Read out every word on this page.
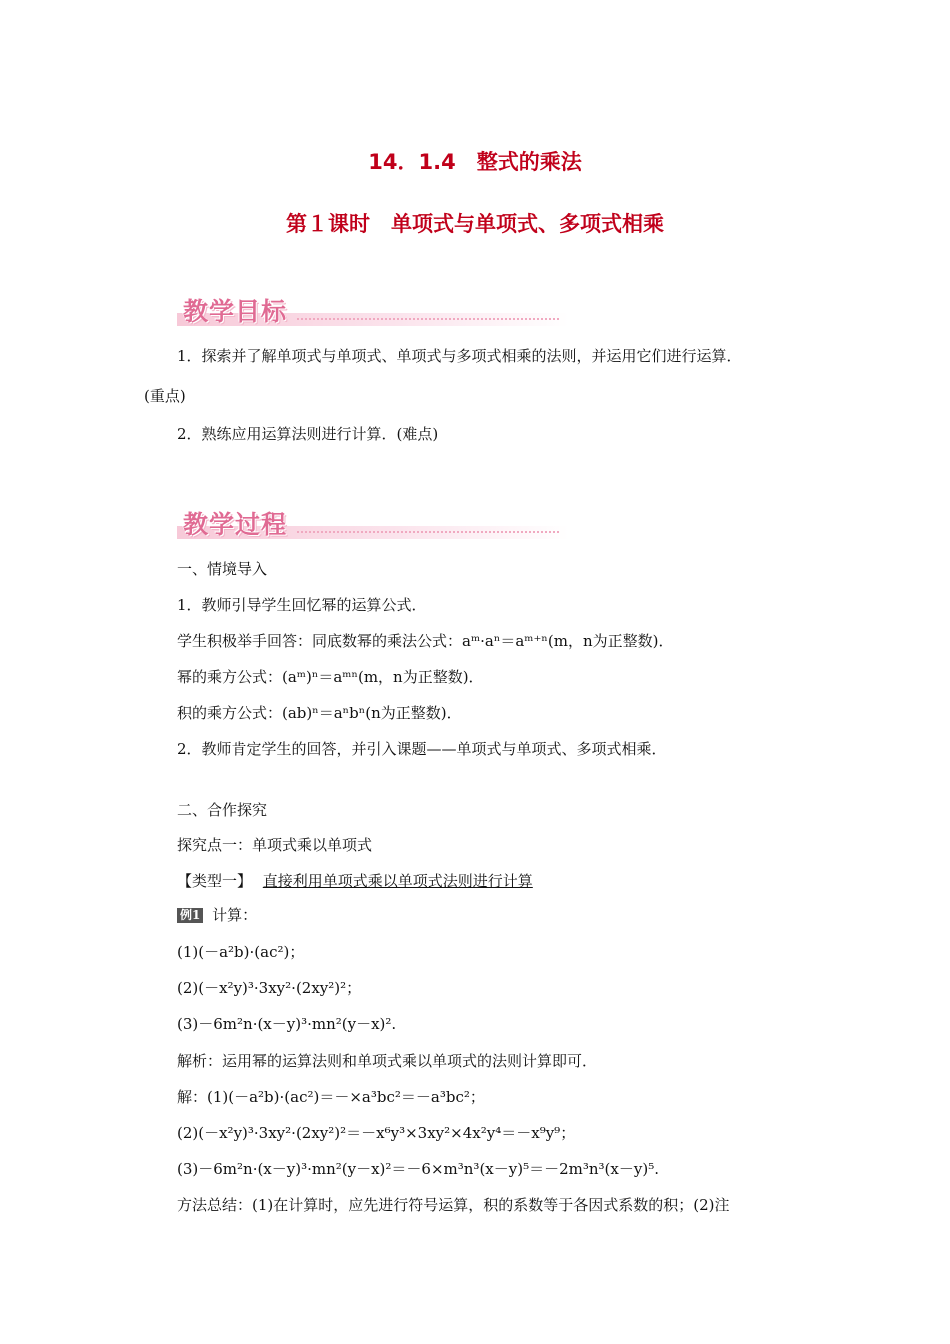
14．1.4　整式的乘法
第１课时　单项式与单项式、多项式相乘
教学目标
1．探索并了解单项式与单项式、单项式与多项式相乘的法则，并运用它们进行运算．
(重点)
2．熟练应用运算法则进行计算．(难点)
教学过程
一、情境导入
1．教师引导学生回忆幂的运算公式．
学生积极举手回答：同底数幂的乘法公式：aᵐ·aⁿ＝aᵐ⁺ⁿ(m，n为正整数)．
幂的乘方公式：(aᵐ)ⁿ＝aᵐⁿ(m，n为正整数)．
积的乘方公式：(ab)ⁿ＝aⁿbⁿ(n为正整数)．
2．教师肯定学生的回答，并引入课题——单项式与单项式、多项式相乘．
二、合作探究
探究点一：单项式乘以单项式
【类型一】 直接利用单项式乘以单项式法则进行计算
例1 计算：
(1)(－a²b)·(ac²)；
(2)(－x²y)³·3xy²·(2xy²)²；
(3)－6m²n·(x－y)³·mn²(y－x)².
解析：运用幂的运算法则和单项式乘以单项式的法则计算即可．
解：(1)(－a²b)·(ac²)＝－×a³bc²＝－a³bc²；
(2)(－x²y)³·3xy²·(2xy²)²＝－x⁶y³×3xy²×4x²y⁴＝－x⁹y⁹；
(3)－6m²n·(x－y)³·mn²(y－x)²＝－6×m³n³(x－y)⁵＝－2m³n³(x－y)⁵.
方法总结：(1)在计算时，应先进行符号运算，积的系数等于各因式系数的积；(2)注
